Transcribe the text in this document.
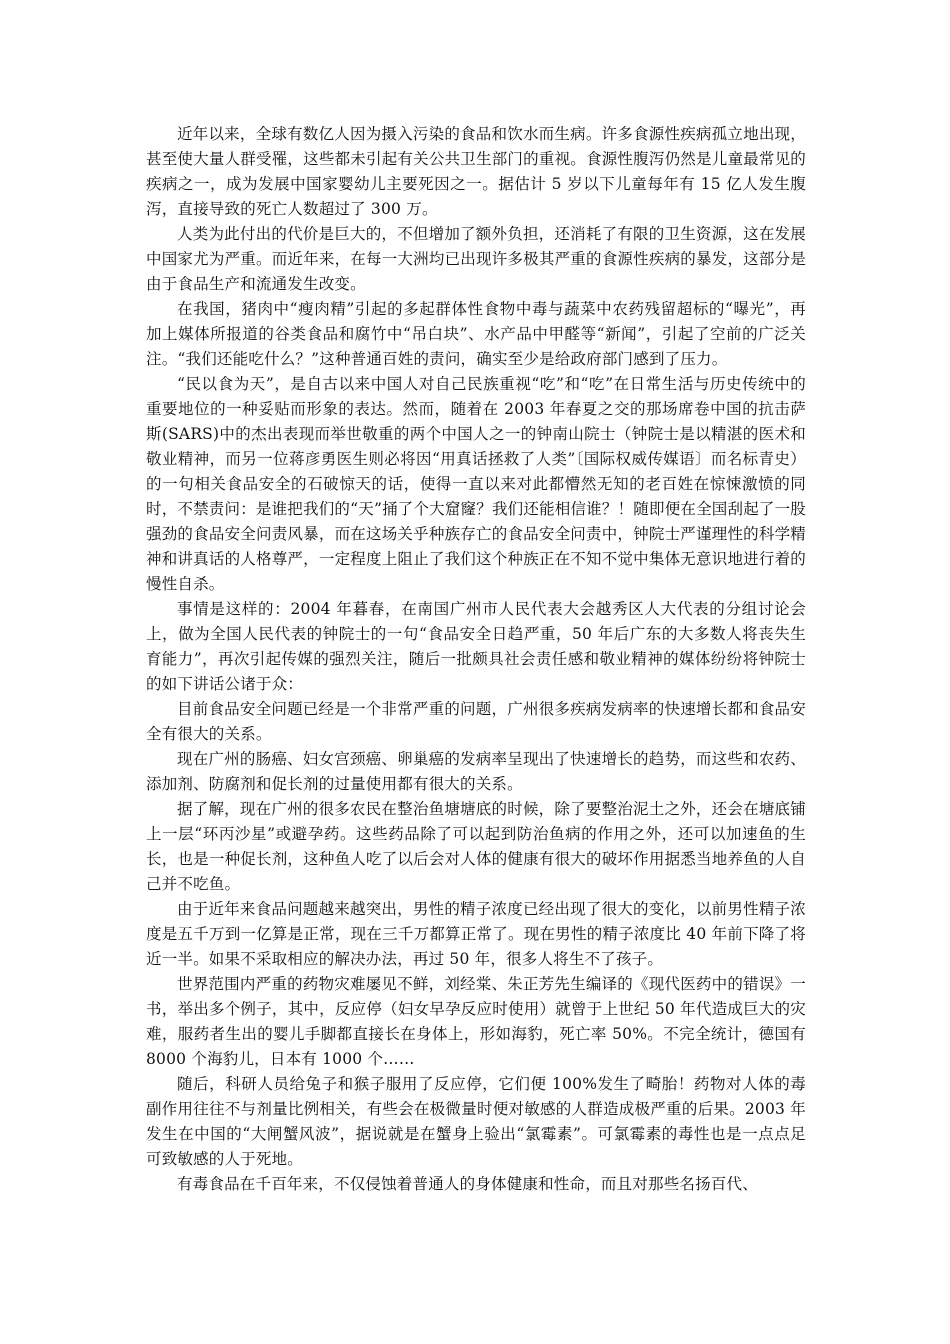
近年以来，全球有数亿人因为摄入污染的食品和饮水而生病。许多食源性疾病孤立地出现，甚至使大量人群受罹，这些都未引起有关公共卫生部门的重视。食源性腹泻仍然是儿童最常见的疾病之一，成为发展中国家婴幼儿主要死因之一。据估计 5 岁以下儿童每年有 15 亿人发生腹泻，直接导致的死亡人数超过了 300 万。

人类为此付出的代价是巨大的，不但增加了额外负担，还消耗了有限的卫生资源，这在发展中国家尤为严重。而近年来，在每一大洲均已出现许多极其严重的食源性疾病的暴发，这部分是由于食品生产和流通发生改变。

在我国，猪肉中“瘦肉精”引起的多起群体性食物中毒与蔬菜中农药残留超标的“曝光”，再加上媒体所报道的谷类食品和腐竹中“吊白块”、水产品中甲醛等“新闻”，引起了空前的广泛关注。“我们还能吃什么？”这种普通百姓的责问，确实至少是给政府部门感到了压力。

“民以食为天”，是自古以来中国人对自己民族重视“吃”和“吃”在日常生活与历史传统中的重要地位的一种妥贴而形象的表达。然而，随着在 2003 年春夏之交的那场席卷中国的抗击萨斯(SARS)中的杰出表现而举世敬重的两个中国人之一的钟南山院士（钟院士是以精湛的医术和敬业精神，而另一位蒋彦勇医生则必将因“用真话拯救了人类”〔国际权威传媒语〕而名标青史）的一句相关食品安全的石破惊天的话，使得一直以来对此都懵然无知的老百姓在惊悚激愤的同时，不禁责问：是谁把我们的“天”捅了个大窟窿？我们还能相信谁？！随即便在全国刮起了一股强劲的食品安全问责风暴，而在这场关乎种族存亡的食品安全问责中，钟院士严谨理性的科学精神和讲真话的人格尊严，一定程度上阻止了我们这个种族正在不知不觉中集体无意识地进行着的慢性自杀。

事情是这样的：2004 年暮春，在南国广州市人民代表大会越秀区人大代表的分组讨论会上，做为全国人民代表的钟院士的一句“食品安全日趋严重，50 年后广东的大多数人将丧失生育能力”，再次引起传媒的强烈关注，随后一批颇具社会责任感和敬业精神的媒体纷纷将钟院士的如下讲话公诸于众：

目前食品安全问题已经是一个非常严重的问题，广州很多疾病发病率的快速增长都和食品安全有很大的关系。

现在广州的肠癌、妇女宫颈癌、卵巢癌的发病率呈现出了快速增长的趋势，而这些和农药、添加剂、防腐剂和促长剂的过量使用都有很大的关系。

据了解，现在广州的很多农民在整治鱼塘塘底的时候，除了要整治泥土之外，还会在塘底铺上一层“环丙沙星”或避孕药。这些药品除了可以起到防治鱼病的作用之外，还可以加速鱼的生长，也是一种促长剂，这种鱼人吃了以后会对人体的健康有很大的破坏作用据悉当地养鱼的人自己并不吃鱼。

由于近年来食品问题越来越突出，男性的精子浓度已经出现了很大的变化，以前男性精子浓度是五千万到一亿算是正常，现在三千万都算正常了。现在男性的精子浓度比 40 年前下降了将近一半。如果不采取相应的解决办法，再过 50 年，很多人将生不了孩子。

世界范围内严重的药物灾难屡见不鲜，刘经棠、朱正芳先生编译的《现代医药中的错误》一书，举出多个例子，其中，反应停（妇女早孕反应时使用）就曾于上世纪 50 年代造成巨大的灾难，服药者生出的婴儿手脚都直接长在身体上，形如海豹，死亡率 50%。不完全统计，德国有 8000 个海豹儿，日本有 1000 个……

随后，科研人员给兔子和猴子服用了反应停，它们便 100%发生了畸胎！药物对人体的毒副作用往往不与剂量比例相关，有些会在极微量时便对敏感的人群造成极严重的后果。2003 年发生在中国的“大闸蟹风波”，据说就是在蟹身上验出“氯霉素”。可氯霉素的毒性也是一点点足可致敏感的人于死地。

有毒食品在千百年来，不仅侵蚀着普通人的身体健康和性命，而且对那些名扬百代、
